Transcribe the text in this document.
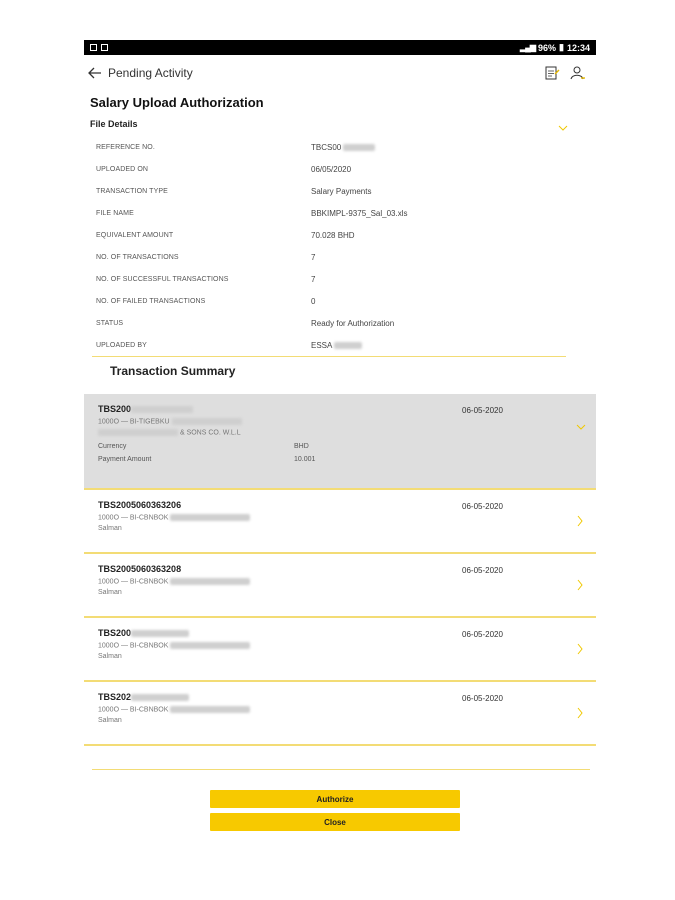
▂▄▆ 96% ▮ 12:34
Pending Activity
Salary Upload Authorization
File Details
REFERENCE NO.	TBCS00
UPLOADED ON	06/05/2020
TRANSACTION TYPE	Salary Payments
FILE NAME	BBKIMPL-9375_Sal_03.xls
EQUIVALENT AMOUNT	70.028 BHD
NO. OF TRANSACTIONS	7
NO. OF SUCCESSFUL TRANSACTIONS	7
NO. OF FAILED TRANSACTIONS	0
STATUS	Ready for Authorization
UPLOADED BY	ESSA
Transaction Summary
TBS200	06-05-2020
1000O — BI-TIGEBKU
& SONS CO. W.L.L
Currency	BHD
Payment Amount	10.001
TBS2005060363206	06-05-2020
1000O — BI-CBNBOK
Salman
TBS2005060363208	06-05-2020
1000O — BI-CBNBOK
Salman
TBS200	06-05-2020
1000O — BI-CBNBOK
Salman
TBS202	06-05-2020
1000O — BI-CBNBOK
Salman
Authorize
Close
